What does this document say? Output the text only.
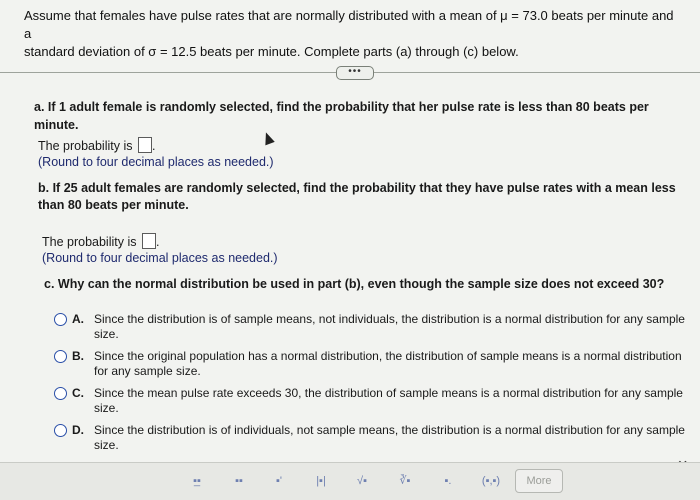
Assume that females have pulse rates that are normally distributed with a mean of μ = 73.0 beats per minute and a
standard deviation of σ = 12.5 beats per minute. Complete parts (a) through (c) below.
•••
a. If 1 adult female is randomly selected, find the probability that her pulse rate is less than 80 beats per minute.
The probability is .
(Round to four decimal places as needed.)
b. If 25 adult females are randomly selected, find the probability that they have pulse rates with a mean less than 80 beats per minute.
The probability is .
(Round to four decimal places as needed.)
c. Why can the normal distribution be used in part (b), even though the sample size does not exceed 30?
A. Since the distribution is of sample means, not individuals, the distribution is a normal distribution for any sample size.
B. Since the original population has a normal distribution, the distribution of sample means is a normal distribution for any sample size.
C. Since the mean pulse rate exceeds 30, the distribution of sample means is a normal distribution for any sample size.
D. Since the distribution is of individuals, not sample means, the distribution is a normal distribution for any sample size.
▪̲▪	▪▪	▪'	|▪|	√▪	∛▪	▪.	(▪,▪)	More
